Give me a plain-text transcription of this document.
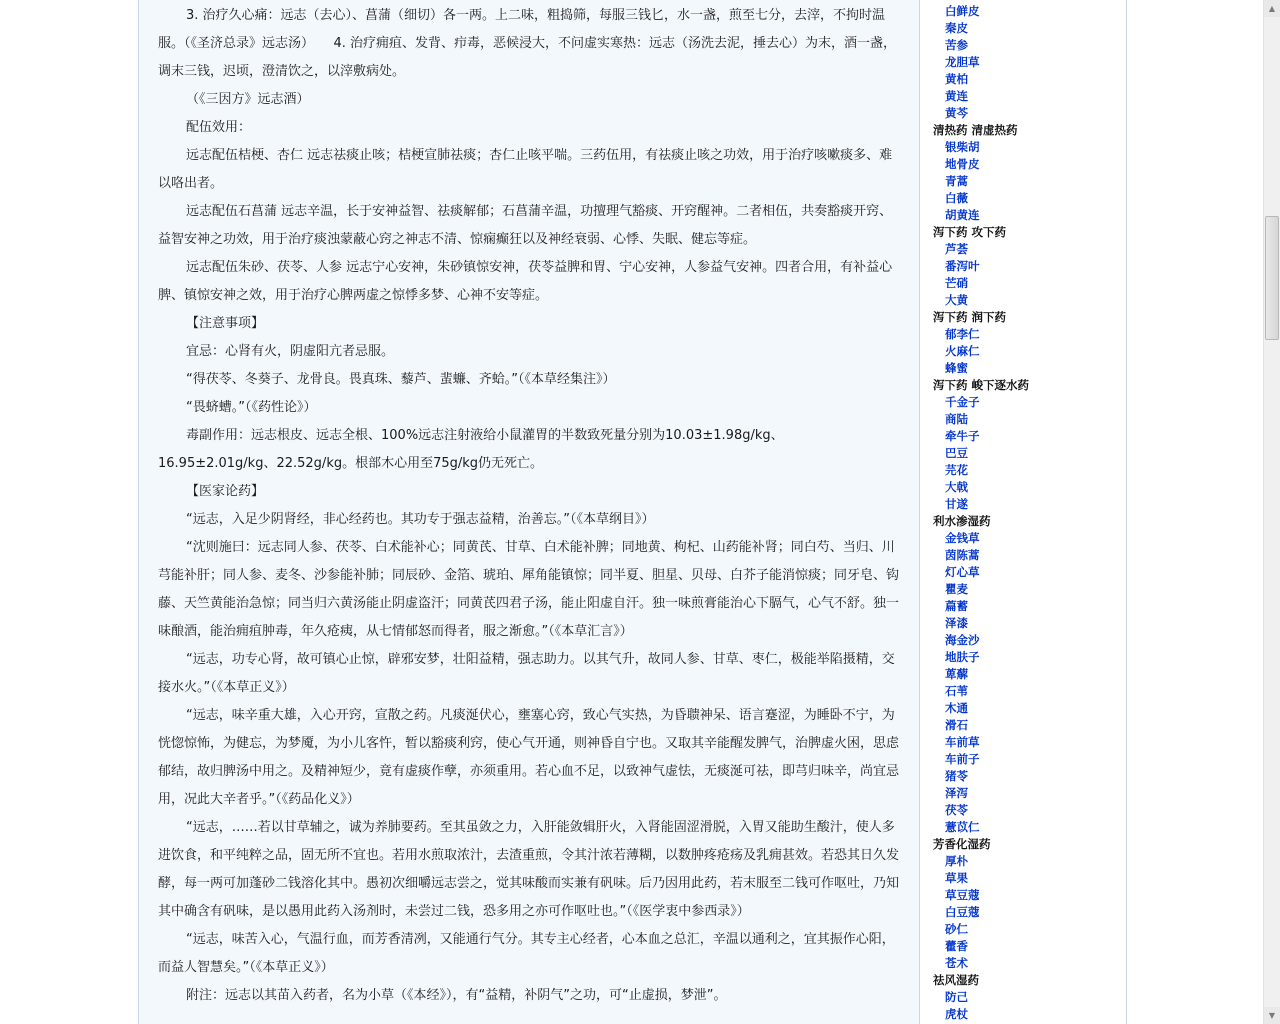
3. 治疗久心痛：远志（去心）、菖蒲（细切）各一两。上二味，粗捣筛，每服三钱匕，水一盏，煎至七分，去滓，不拘时温服。（《圣济总录》远志汤）　　4. 治疗痈疽、发背、疖毒，恶候浸大，不问虚实寒热：远志（汤洗去泥，捶去心）为末，酒一盏，调末三钱，迟顷，澄清饮之，以滓敷病处。

（《三因方》远志酒）

配伍效用：

远志配伍桔梗、杏仁 远志祛痰止咳；桔梗宣肺祛痰；杏仁止咳平喘。三药伍用，有祛痰止咳之功效，用于治疗咳嗽痰多、难以咯出者。

远志配伍石菖蒲 远志辛温，长于安神益智、祛痰解郁；石菖蒲辛温，功擅理气豁痰、开窍醒神。二者相伍，共奏豁痰开窍、益智安神之功效，用于治疗痰浊蒙蔽心窍之神志不清、惊痫癫狂以及神经衰弱、心悸、失眠、健忘等症。

远志配伍朱砂、茯苓、人参 远志宁心安神，朱砂镇惊安神，茯苓益脾和胃、宁心安神，人参益气安神。四者合用，有补益心脾、镇惊安神之效，用于治疗心脾两虚之惊悸多梦、心神不安等症。

【注意事项】

宜忌：心肾有火，阴虚阳亢者忌服。

“得茯苓、冬葵子、龙骨良。畏真珠、藜芦、蜚蠊、齐蛤。”（《本草经集注》）

“畏蛴螬。”（《药性论》）

毒副作用：远志根皮、远志全根、100%远志注射液给小鼠灌胃的半数致死量分别为10.03±1.98g/kg、16.95±2.01g/kg、22.52g/kg。根部木心用至75g/kg仍无死亡。

【医家论药】

“远志，入足少阴肾经，非心经药也。其功专于强志益精，治善忘。”（《本草纲目》）

“沈则施曰：远志同人参、茯苓、白术能补心；同黄芪、甘草、白术能补脾；同地黄、枸杞、山药能补肾；同白芍、当归、川芎能补肝；同人参、麦冬、沙参能补肺；同辰砂、金箔、琥珀、犀角能镇惊；同半夏、胆星、贝母、白芥子能消惊痰；同牙皂、钩藤、天竺黄能治急惊；同当归六黄汤能止阴虚盗汗；同黄芪四君子汤，能止阳虚自汗。独一味煎膏能治心下膈气，心气不舒。独一味酿酒，能治痈疽肿毒，年久疮痍，从七情郁怒而得者，服之渐愈。”（《本草汇言》）

“远志，功专心肾，故可镇心止惊，辟邪安梦，壮阳益精，强志助力。以其气升，故同人参、甘草、枣仁，极能举陷摄精，交接水火。”（《本草正义》）

“远志，味辛重大雄，入心开窍，宣散之药。凡痰涎伏心，壅塞心窍，致心气实热，为昏聩神呆、语言蹇涩，为睡卧不宁，为恍惚惊怖，为健忘，为梦魇，为小儿客忤，暂以豁痰利窍，使心气开通，则神昏自宁也。又取其辛能醒发脾气，治脾虚火困，思虑郁结，故归脾汤中用之。及精神短少，竟有虚痰作孽，亦须重用。若心血不足，以致神气虚怯，无痰涎可祛，即芎归味辛，尚宜忌用，况此大辛者乎。”（《药品化义》）

“远志，……若以甘草辅之，诚为养肺要药。至其虽敛之力，入肝能敛辑肝火，入肾能固涩滑脱，入胃又能助生酸汁，使人多进饮食，和平纯粹之品，固无所不宜也。若用水煎取浓汁，去渣重煎，令其汁浓若薄糊，以数肿疼疮疡及乳痈甚效。若恐其日久发酵，每一两可加蓬砂二钱溶化其中。愚初次细嚼远志尝之，觉其味酸而实兼有矾味。后乃因用此药，若末服至二钱可作呕吐，乃知其中确含有矾味，是以愚用此药入汤剂时，未尝过二钱，恐多用之亦可作呕吐也。”（《医学衷中参西录》）

“远志，味苦入心，气温行血，而芳香清冽，又能通行气分。其专主心经者，心本血之总汇，辛温以通利之，宜其振作心阳，而益人智慧矣。”（《本草正义》）

附注：远志以其苗入药者，名为小草（《本经》），有“益精，补阴气”之功，可“止虚损，梦泄”。

白鲜皮
秦皮
苦参
龙胆草
黄柏
黄连
黄芩
清热药 清虚热药
银柴胡
地骨皮
青蒿
白薇
胡黄连
泻下药 攻下药
芦荟
番泻叶
芒硝
大黄
泻下药 润下药
郁李仁
火麻仁
蜂蜜
泻下药 峻下逐水药
千金子
商陆
牵牛子
巴豆
芫花
大戟
甘遂
利水渗湿药
金钱草
茵陈蒿
灯心草
瞿麦
萹蓄
泽漆
海金沙
地肤子
萆薢
石苇
木通
滑石
车前草
车前子
猪苓
泽泻
茯苓
薏苡仁
芳香化湿药
厚朴
草果
草豆蔻
白豆蔻
砂仁
藿香
苍术
祛风湿药
防己
虎杖
▲
▼
